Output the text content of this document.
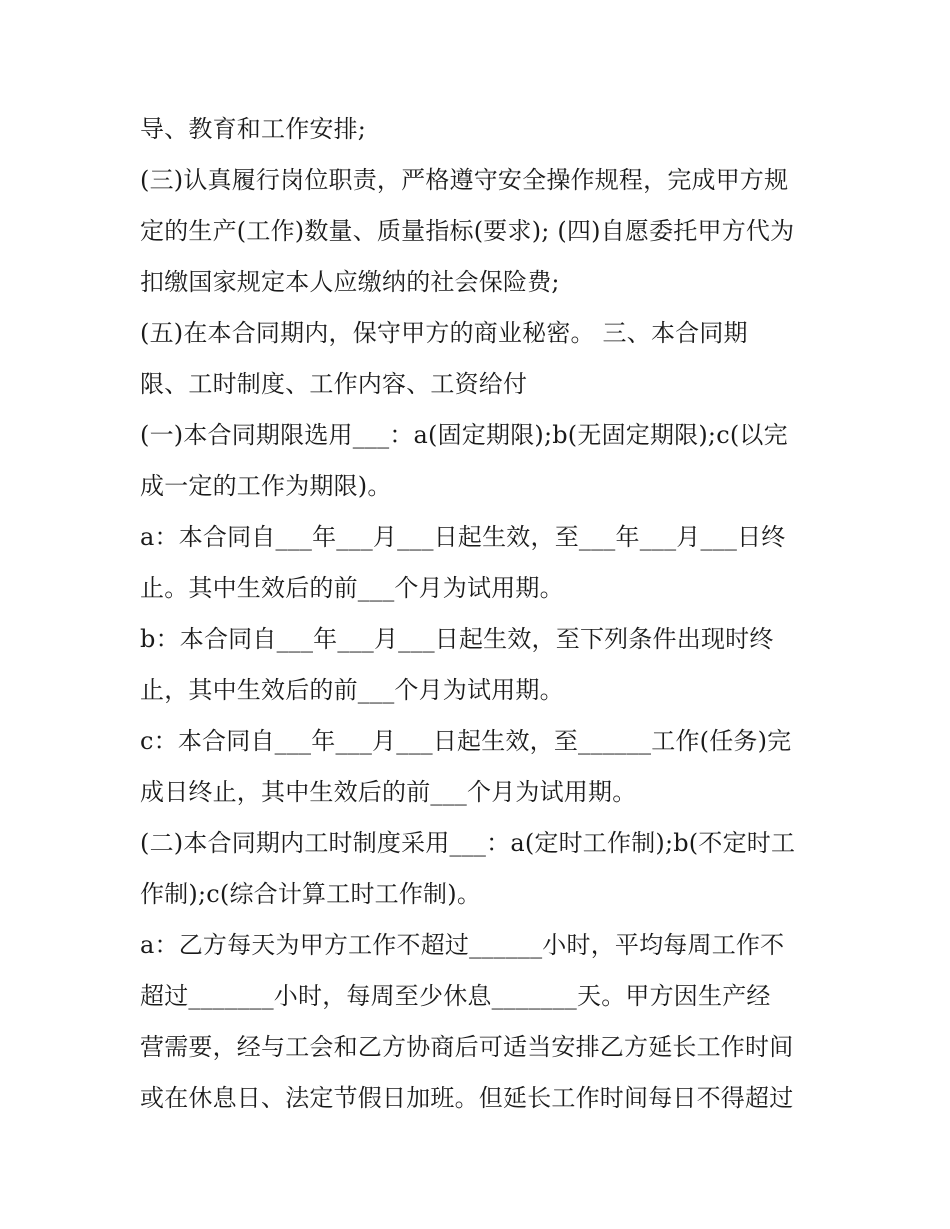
导、教育和工作安排;
(三)认真履行岗位职责，严格遵守安全操作规程，完成甲方规
定的生产(工作)数量、质量指标(要求); (四)自愿委托甲方代为
扣缴国家规定本人应缴纳的社会保险费;
(五)在本合同期内，保守甲方的商业秘密。 三、本合同期
限、工时制度、工作内容、工资给付
(一)本合同期限选用___：a(固定期限);b(无固定期限);c(以完
成一定的工作为期限)。
a：本合同自___年___月___日起生效，至___年___月___日终
止。其中生效后的前___个月为试用期。
b：本合同自___年___月___日起生效，至下列条件出现时终
止，其中生效后的前___个月为试用期。
c：本合同自___年___月___日起生效，至______工作(任务)完
成日终止，其中生效后的前___个月为试用期。
(二)本合同期内工时制度采用___：a(定时工作制);b(不定时工
作制);c(综合计算工时工作制)。
a：乙方每天为甲方工作不超过______小时，平均每周工作不
超过_______小时，每周至少休息_______天。甲方因生产经
营需要，经与工会和乙方协商后可适当安排乙方延长工作时间
或在休息日、法定节假日加班。但延长工作时间每日不得超过
